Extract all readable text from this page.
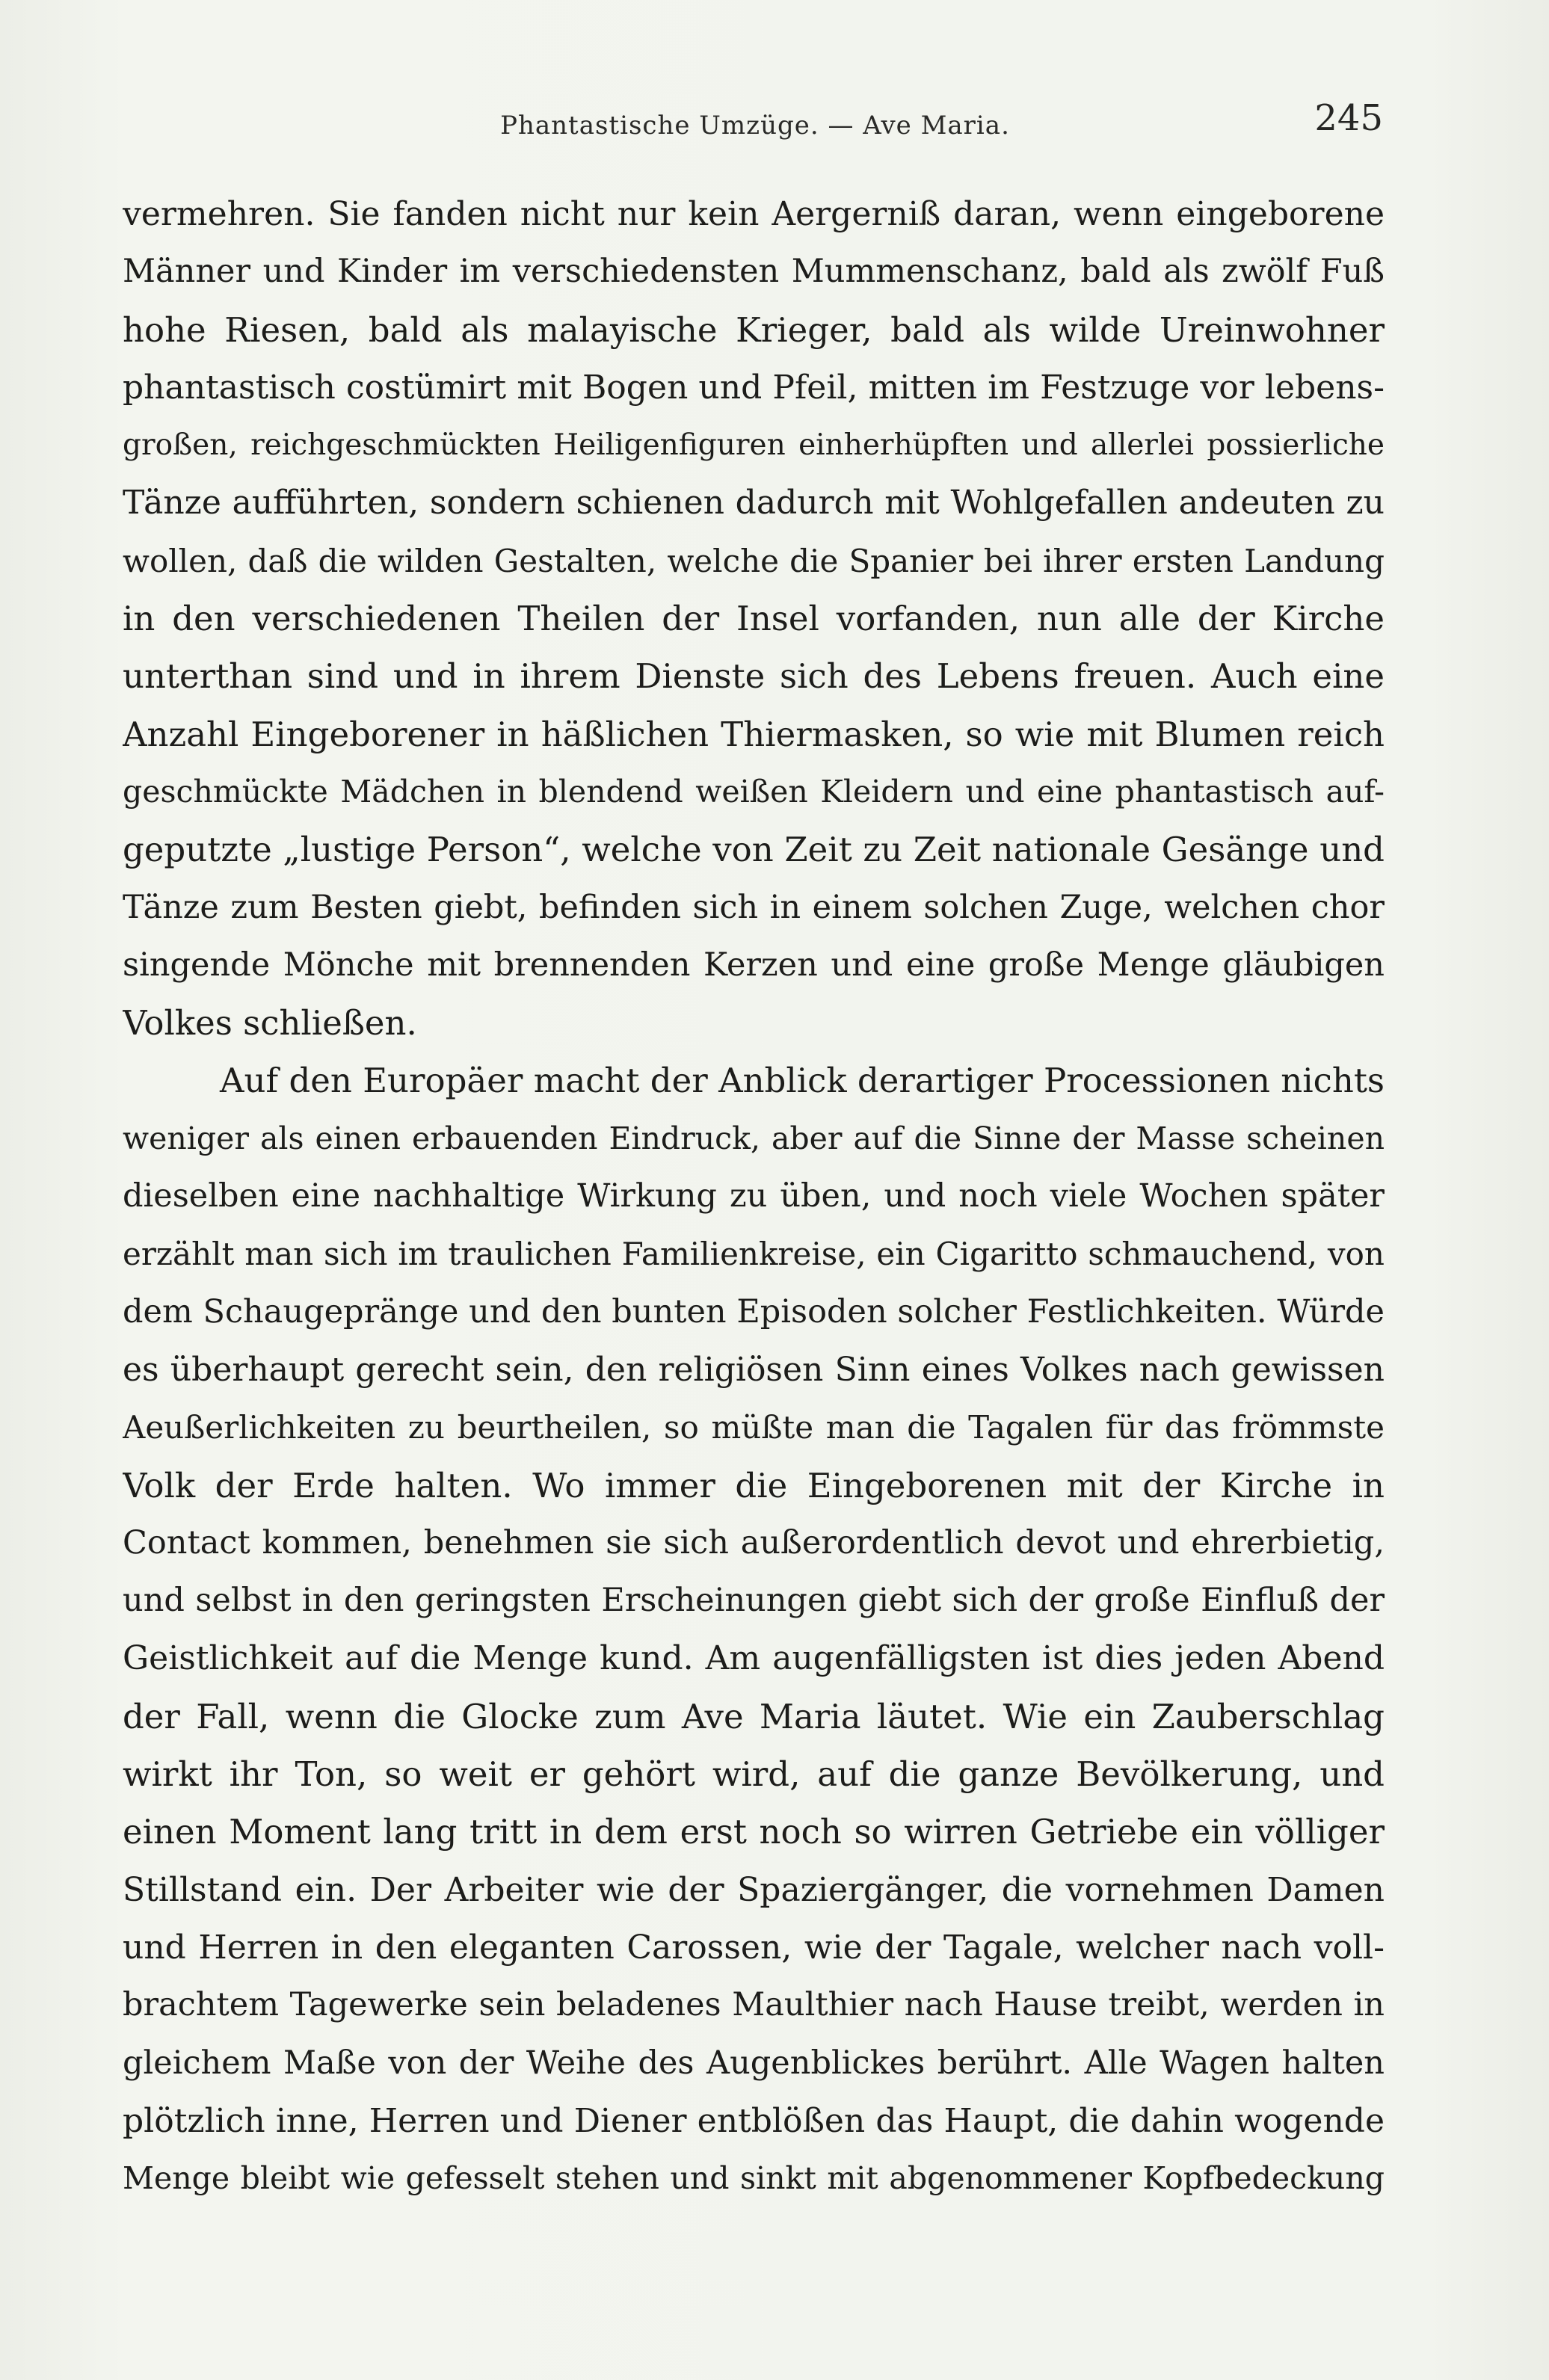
Phantastische Umzüge. — Ave Maria.	245
vermehren. Sie fanden nicht nur kein Aergerniß daran, wenn eingeborene
Männer und Kinder im verschiedensten Mummenschanz, bald als zwölf Fuß
hohe Riesen, bald als malayische Krieger, bald als wilde Ureinwohner
phantastisch costümirt mit Bogen und Pfeil, mitten im Festzuge vor lebens-
großen, reichgeschmückten Heiligenfiguren einherhüpften und allerlei possierliche
Tänze aufführten, sondern schienen dadurch mit Wohlgefallen andeuten zu
wollen, daß die wilden Gestalten, welche die Spanier bei ihrer ersten Landung
in den verschiedenen Theilen der Insel vorfanden, nun alle der Kirche
unterthan sind und in ihrem Dienste sich des Lebens freuen. Auch eine
Anzahl Eingeborener in häßlichen Thiermasken, so wie mit Blumen reich
geschmückte Mädchen in blendend weißen Kleidern und eine phantastisch auf-
geputzte „lustige Person“, welche von Zeit zu Zeit nationale Gesänge und
Tänze zum Besten giebt, befinden sich in einem solchen Zuge, welchen chor
singende Mönche mit brennenden Kerzen und eine große Menge gläubigen
Volkes schließen.
Auf den Europäer macht der Anblick derartiger Processionen nichts
weniger als einen erbauenden Eindruck, aber auf die Sinne der Masse scheinen
dieselben eine nachhaltige Wirkung zu üben, und noch viele Wochen später
erzählt man sich im traulichen Familienkreise, ein Cigaritto schmauchend, von
dem Schaugepränge und den bunten Episoden solcher Festlichkeiten. Würde
es überhaupt gerecht sein, den religiösen Sinn eines Volkes nach gewissen
Aeußerlichkeiten zu beurtheilen, so müßte man die Tagalen für das frömmste
Volk der Erde halten. Wo immer die Eingeborenen mit der Kirche in
Contact kommen, benehmen sie sich außerordentlich devot und ehrerbietig,
und selbst in den geringsten Erscheinungen giebt sich der große Einfluß der
Geistlichkeit auf die Menge kund. Am augenfälligsten ist dies jeden Abend
der Fall, wenn die Glocke zum Ave Maria läutet. Wie ein Zauberschlag
wirkt ihr Ton, so weit er gehört wird, auf die ganze Bevölkerung, und
einen Moment lang tritt in dem erst noch so wirren Getriebe ein völliger
Stillstand ein. Der Arbeiter wie der Spaziergänger, die vornehmen Damen
und Herren in den eleganten Carossen, wie der Tagale, welcher nach voll-
brachtem Tagewerke sein beladenes Maulthier nach Hause treibt, werden in
gleichem Maße von der Weihe des Augenblickes berührt. Alle Wagen halten
plötzlich inne, Herren und Diener entblößen das Haupt, die dahin wogende
Menge bleibt wie gefesselt stehen und sinkt mit abgenommener Kopfbedeckung
